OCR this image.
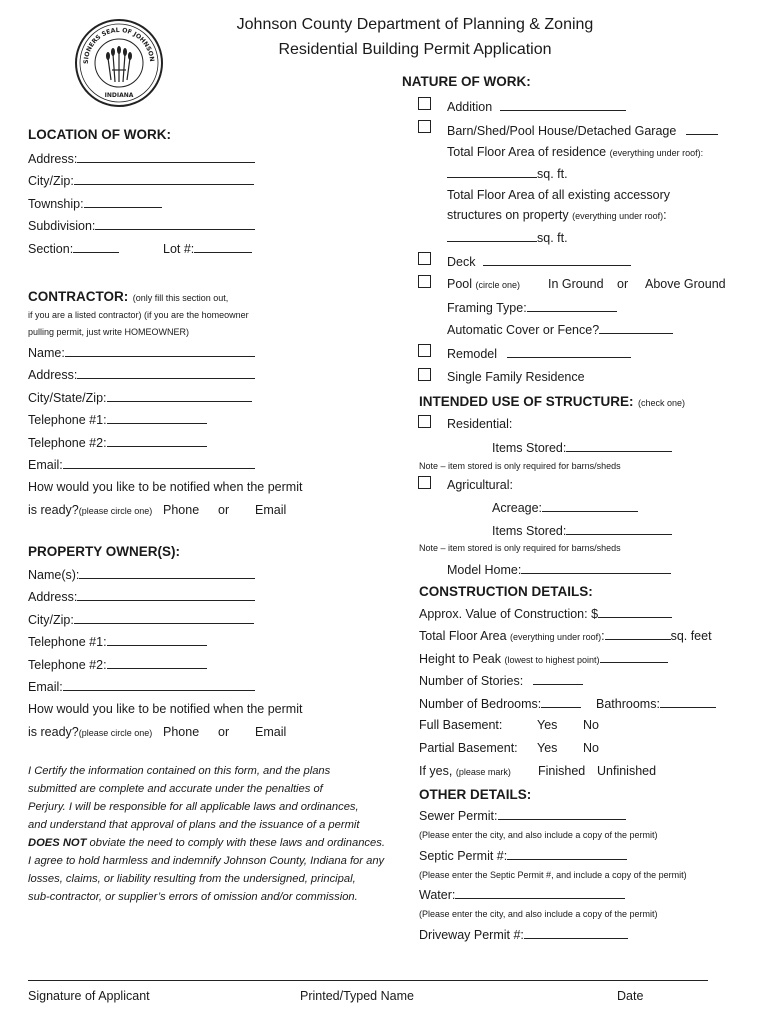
SIONERS SEAL OF JOHNSON
INDIANA
Johnson County Department of Planning & Zoning
Residential Building Permit Application
LOCATION OF WORK:
Address:
City/Zip:
Township:
Subdivision:
Section:	Lot #:
CONTRACTOR: (only fill this section out,
if you are a listed contractor) (if you are the homeowner
pulling permit, just write HOMEOWNER)
Name:
Address:
City/State/Zip:
Telephone #1:
Telephone #2:
Email:
How would you like to be notified when the permit
is ready?(please circle one) Phone or Email
PROPERTY OWNER(S):
Name(s):
Address:
City/Zip:
Telephone #1:
Telephone #2:
Email:
How would you like to be notified when the permit
is ready?(please circle one) Phone or Email
I Certify the information contained on this form, and the plans
submitted are complete and accurate under the penalties of
Perjury. I will be responsible for all applicable laws and ordinances,
and understand that approval of plans and the issuance of a permit
DOES NOT obviate the need to comply with these laws and ordinances.
I agree to hold harmless and indemnify Johnson County, Indiana for any
losses, claims, or liability resulting from the undersigned, principal,
sub-contractor, or supplier’s errors of omission and/or commission.
NATURE OF WORK:
Addition
Barn/Shed/Pool House/Detached Garage
Total Floor Area of residence (everything under roof):
sq. ft.
Total Floor Area of all existing accessory
structures on property (everything under roof):
sq. ft.
Deck
Pool (circle one) In Ground or Above Ground
Framing Type:
Automatic Cover or Fence?
Remodel
Single Family Residence
INTENDED USE OF STRUCTURE: (check one)
Residential:
Items Stored:
Note – item stored is only required for barns/sheds
Agricultural:
Acreage:
Items Stored:
Note – item stored is only required for barns/sheds
Model Home:
CONSTRUCTION DETAILS:
Approx. Value of Construction: $
Total Floor Area (everything under roof):	sq. feet
Height to Peak (lowest to highest point)
Number of Stories:
Number of Bedrooms:	Bathrooms:
Full Basement:	Yes No
Partial Basement: Yes No
If yes, (please mark) Finished Unfinished
OTHER DETAILS:
Sewer Permit:
(Please enter the city, and also include a copy of the permit)
Septic Permit #:
(Please enter the Septic Permit #, and include a copy of the permit)
Water:
(Please enter the city, and also include a copy of the permit)
Driveway Permit #:
Signature of Applicant	Printed/Typed Name	Date
